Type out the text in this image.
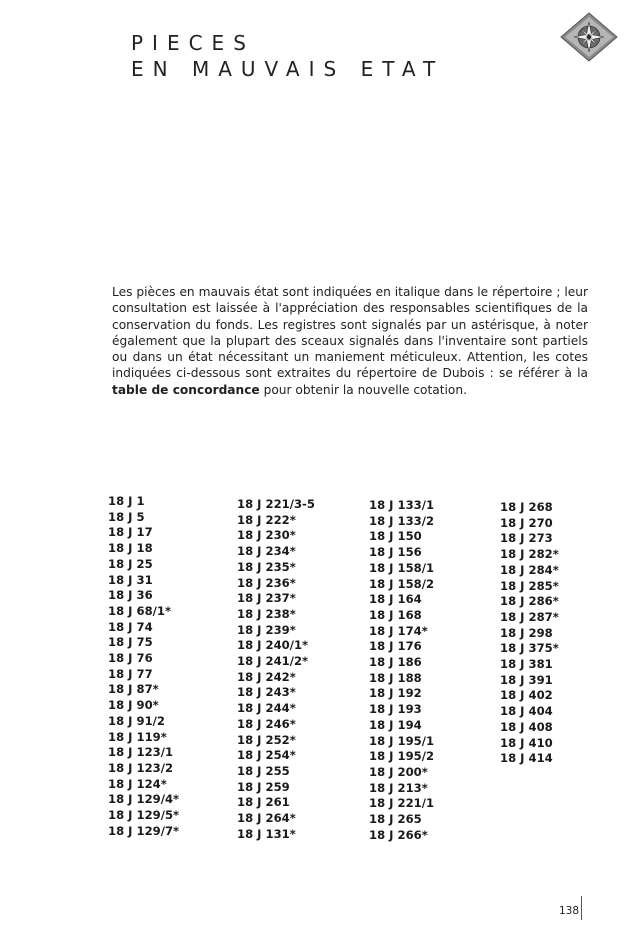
PIECES
EN MAUVAIS ETAT

Les pièces en mauvais état sont indiquées en italique dans le répertoire ; leur consultation est laissée à l'appréciation des responsables scientifiques de la conservation du fonds. Les registres sont signalés par un astérisque, à noter également que la plupart des sceaux signalés dans l'inventaire sont partiels ou dans un état nécessitant un maniement méticuleux. Attention, les cotes indiquées ci-dessous sont extraites du répertoire de Dubois : se référer à la table de concordance pour obtenir la nouvelle cotation.

18 J 1
18 J 5
18 J 17
18 J 18
18 J 25
18 J 31
18 J 36
18 J 68/1*
18 J 74
18 J 75
18 J 76
18 J 77
18 J 87*
18 J 90*
18 J 91/2
18 J 119*
18 J 123/1
18 J 123/2
18 J 124*
18 J 129/4*
18 J 129/5*
18 J 129/7*
18 J 221/3-5
18 J 222*
18 J 230*
18 J 234*
18 J 235*
18 J 236*
18 J 237*
18 J 238*
18 J 239*
18 J 240/1*
18 J 241/2*
18 J 242*
18 J 243*
18 J 244*
18 J 246*
18 J 252*
18 J 254*
18 J 255
18 J 259
18 J 261
18 J 264*
18 J 131*
18 J 133/1
18 J 133/2
18 J 150
18 J 156
18 J 158/1
18 J 158/2
18 J 164
18 J 168
18 J 174*
18 J 176
18 J 186
18 J 188
18 J 192
18 J 193
18 J 194
18 J 195/1
18 J 195/2
18 J 200*
18 J 213*
18 J 221/1
18 J 265
18 J 266*
18 J 268
18 J 270
18 J 273
18 J 282*
18 J 284*
18 J 285*
18 J 286*
18 J 287*
18 J 298
18 J 375*
18 J 381
18 J 391
18 J 402
18 J 404
18 J 408
18 J 410
18 J 414
138
